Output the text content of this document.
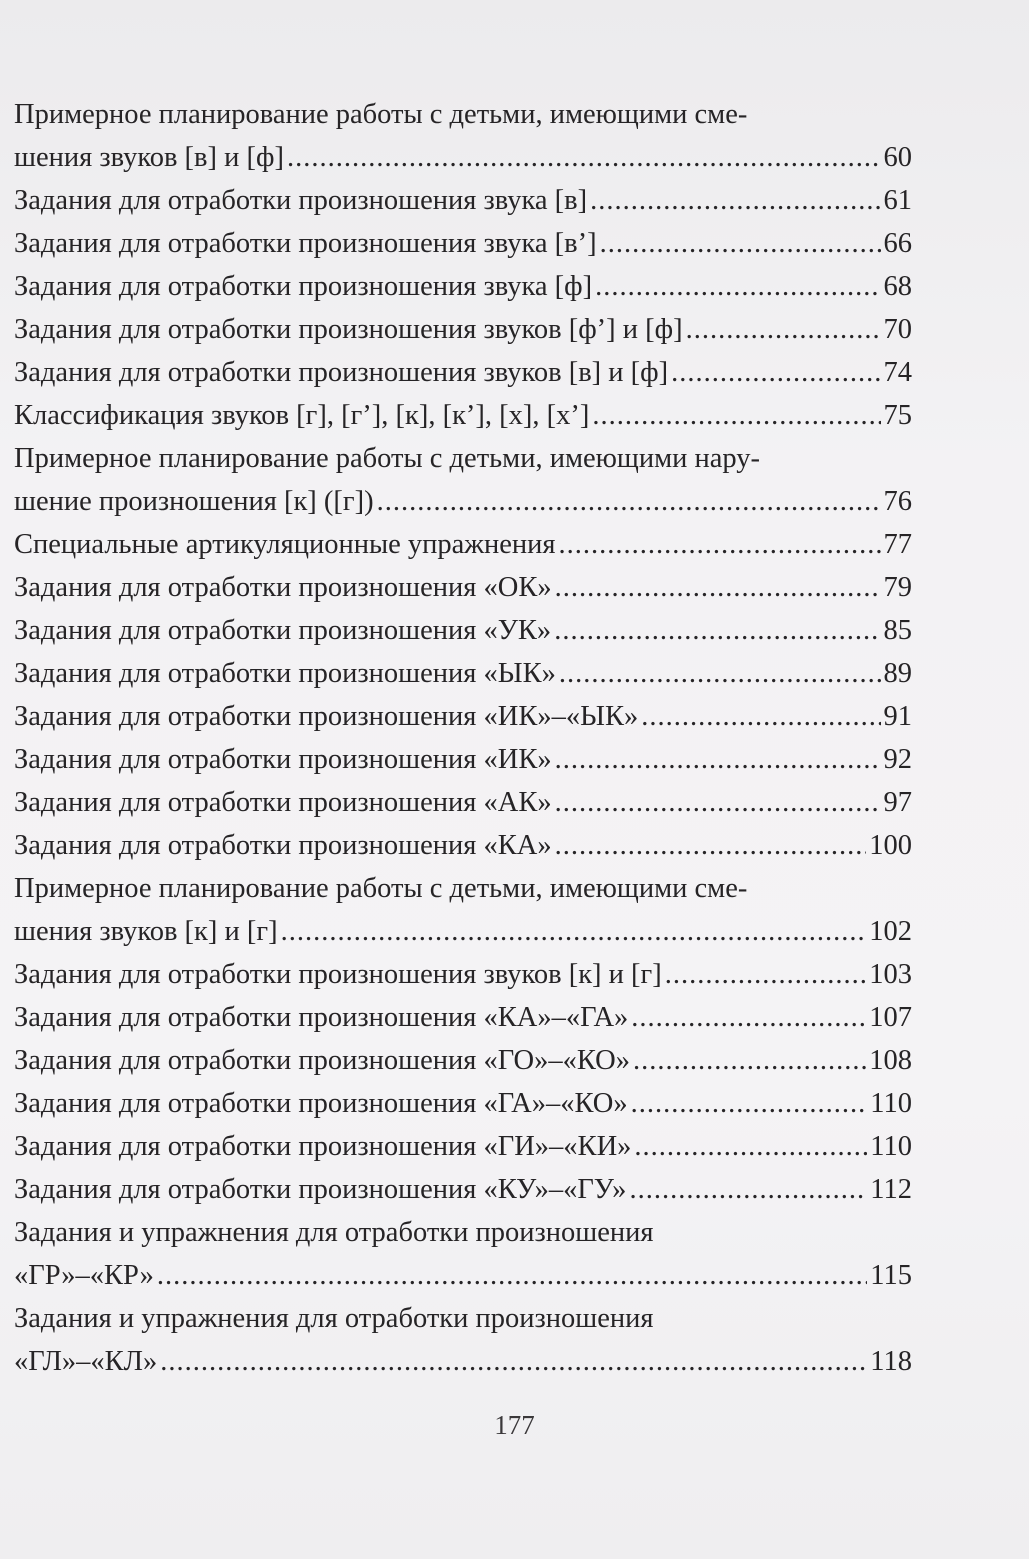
Примерное планирование работы с детьми, имеющими сме-
шения звуков [в] и [ф] .....	60
Задания для отработки произношения звука [в] .....	61
Задания для отработки произношения звука [в’] .....	66
Задания для отработки произношения звука [ф] .....	68
Задания для отработки произношения звуков [ф’] и [ф] .....	70
Задания для отработки произношения звуков [в] и [ф] .....	74
Классификация звуков [г], [г’], [к], [к’], [х], [х’] .....	75
Примерное планирование работы с детьми, имеющими нару-
шение произношения [к] ([г]) .....	76
Специальные артикуляционные упражнения .....	77
Задания для отработки произношения «ОК» .....	79
Задания для отработки произношения «УК» .....	85
Задания для отработки произношения «ЫК» .....	89
Задания для отработки произношения «ИК»–«ЫК» .....	91
Задания для отработки произношения «ИК» .....	92
Задания для отработки произношения «АК» .....	97
Задания для отработки произношения «КА» .....	100
Примерное планирование работы с детьми, имеющими сме-
шения звуков [к] и [г] .....	102
Задания для отработки произношения звуков [к] и [г] .....	103
Задания для отработки произношения «КА»–«ГА» .....	107
Задания для отработки произношения «ГО»–«КО» .....	108
Задания для отработки произношения «ГА»–«КО» .....	110
Задания для отработки произношения «ГИ»–«КИ» .....	110
Задания для отработки произношения «КУ»–«ГУ» .....	112
Задания и упражнения для отработки произношения
«ГР»–«КР» .....	115
Задания и упражнения для отработки произношения
«ГЛ»–«КЛ» .....	118
177
